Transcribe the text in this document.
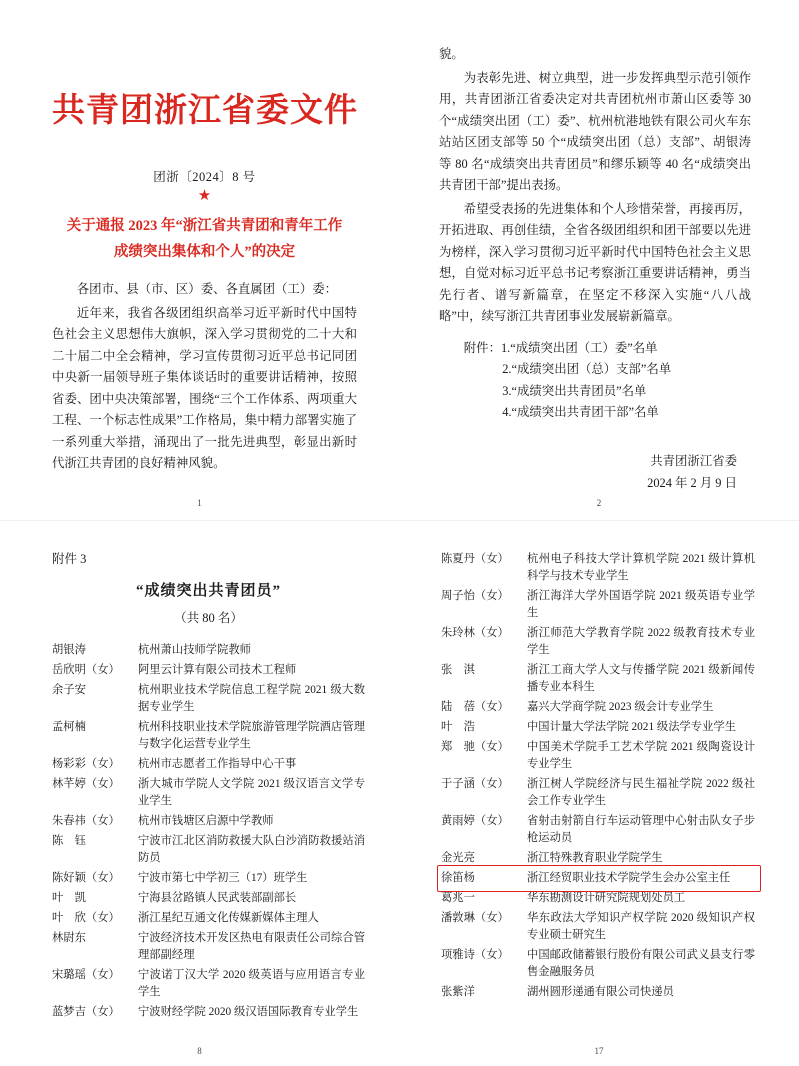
共青团浙江省委文件
团浙〔2024〕8 号
★
关于通报 2023 年“浙江省共青团和青年工作
成绩突出集体和个人”的决定

各团市、县（市、区）委、各直属团（工）委：

近年来，我省各级团组织高举习近平新时代中国特色社会主义思想伟大旗帜，深入学习贯彻党的二十大和二十届二中全会精神，学习宣传贯彻习近平总书记同团中央新一届领导班子集体谈话时的重要讲话精神，按照省委、团中央决策部署，围绕“三个工作体系、两项重大工程、一个标志性成果”工作格局，集中精力部署实施了一系列重大举措，涌现出了一批先进典型，彰显出新时代浙江共青团的良好精神风貌。

1

貌。

为表彰先进、树立典型，进一步发挥典型示范引领作用，共青团浙江省委决定对共青团杭州市萧山区委等 30 个“成绩突出团（工）委”、杭州杭港地铁有限公司火车东站站区团支部等 50 个“成绩突出团（总）支部”、胡银涛等 80 名“成绩突出共青团员”和缪乐颖等 40 名“成绩突出共青团干部”提出表扬。

希望受表扬的先进集体和个人珍惜荣誉，再接再厉，开拓进取、再创佳绩，全省各级团组织和团干部要以先进为榜样，深入学习贯彻习近平新时代中国特色社会主义思想，自觉对标习近平总书记考察浙江重要讲话精神，勇当先行者、谱写新篇章，在坚定不移深入实施“八八战略”中，续写浙江共青团事业发展崭新篇章。

附件：1.“成绩突出团（工）委”名单
2.“成绩突出团（总）支部”名单
3.“成绩突出共青团员”名单
4.“成绩突出共青团干部”名单
共青团浙江省委
2024 年 2 月 9 日
2
附件 3
“成绩突出共青团员”
（共 80 名）
胡银涛	杭州萧山技师学院教师
岳欣明（女）	阿里云计算有限公司技术工程师
余子安	杭州职业技术学院信息工程学院 2021 级大数据专业学生
孟柯楠	杭州科技职业技术学院旅游管理学院酒店管理与数字化运营专业学生
杨彩彩（女）	杭州市志愿者工作指导中心干事
林芊婷（女）	浙大城市学院人文学院 2021 级汉语言文学专业学生
朱春祎（女）	杭州市钱塘区启源中学教师
陈　钰	宁波市江北区消防救援大队白沙消防救援站消防员
陈好颖（女）	宁波市第七中学初三（17）班学生
叶　凯	宁海县岔路镇人民武装部副部长
叶　欣（女）	浙江星纪互通文化传媒新媒体主理人
林尉东	宁波经济技术开发区热电有限责任公司综合管理部副经理
宋璐瑶（女）	宁波诺丁汉大学 2020 级英语与应用语言专业学生
蓝梦吉（女）	宁波财经学院 2020 级汉语国际教育专业学生
8
陈夏丹（女）	杭州电子科技大学计算机学院 2021 级计算机科学与技术专业学生
周子怡（女）	浙江海洋大学外国语学院 2021 级英语专业学生
朱玲林（女）	浙江师范大学教育学院 2022 级教育技术专业学生
张　淇	浙江工商大学人文与传播学院 2021 级新闻传播专业本科生
陆　蓓（女）	嘉兴大学商学院 2023 级会计专业学生
叶　浩	中国计量大学法学院 2021 级法学专业学生
郑　驰（女）	中国美术学院手工艺术学院 2021 级陶瓷设计专业学生
于子涵（女）	浙江树人学院经济与民生福祉学院 2022 级社会工作专业学生
黄雨婷（女）	省射击射箭自行车运动管理中心射击队女子步枪运动员
金光亮	浙江特殊教育职业学院学生
徐笛杨	浙江经贸职业技术学院学生会办公室主任
葛兆一	华东勘测设计研究院规划处员工
潘敦琳（女）	华东政法大学知识产权学院 2020 级知识产权专业硕士研究生
项雅诗（女）	中国邮政储蓄银行股份有限公司武义县支行零售金融服务员
张紫洋	湖州圆形递通有限公司快递员
17
